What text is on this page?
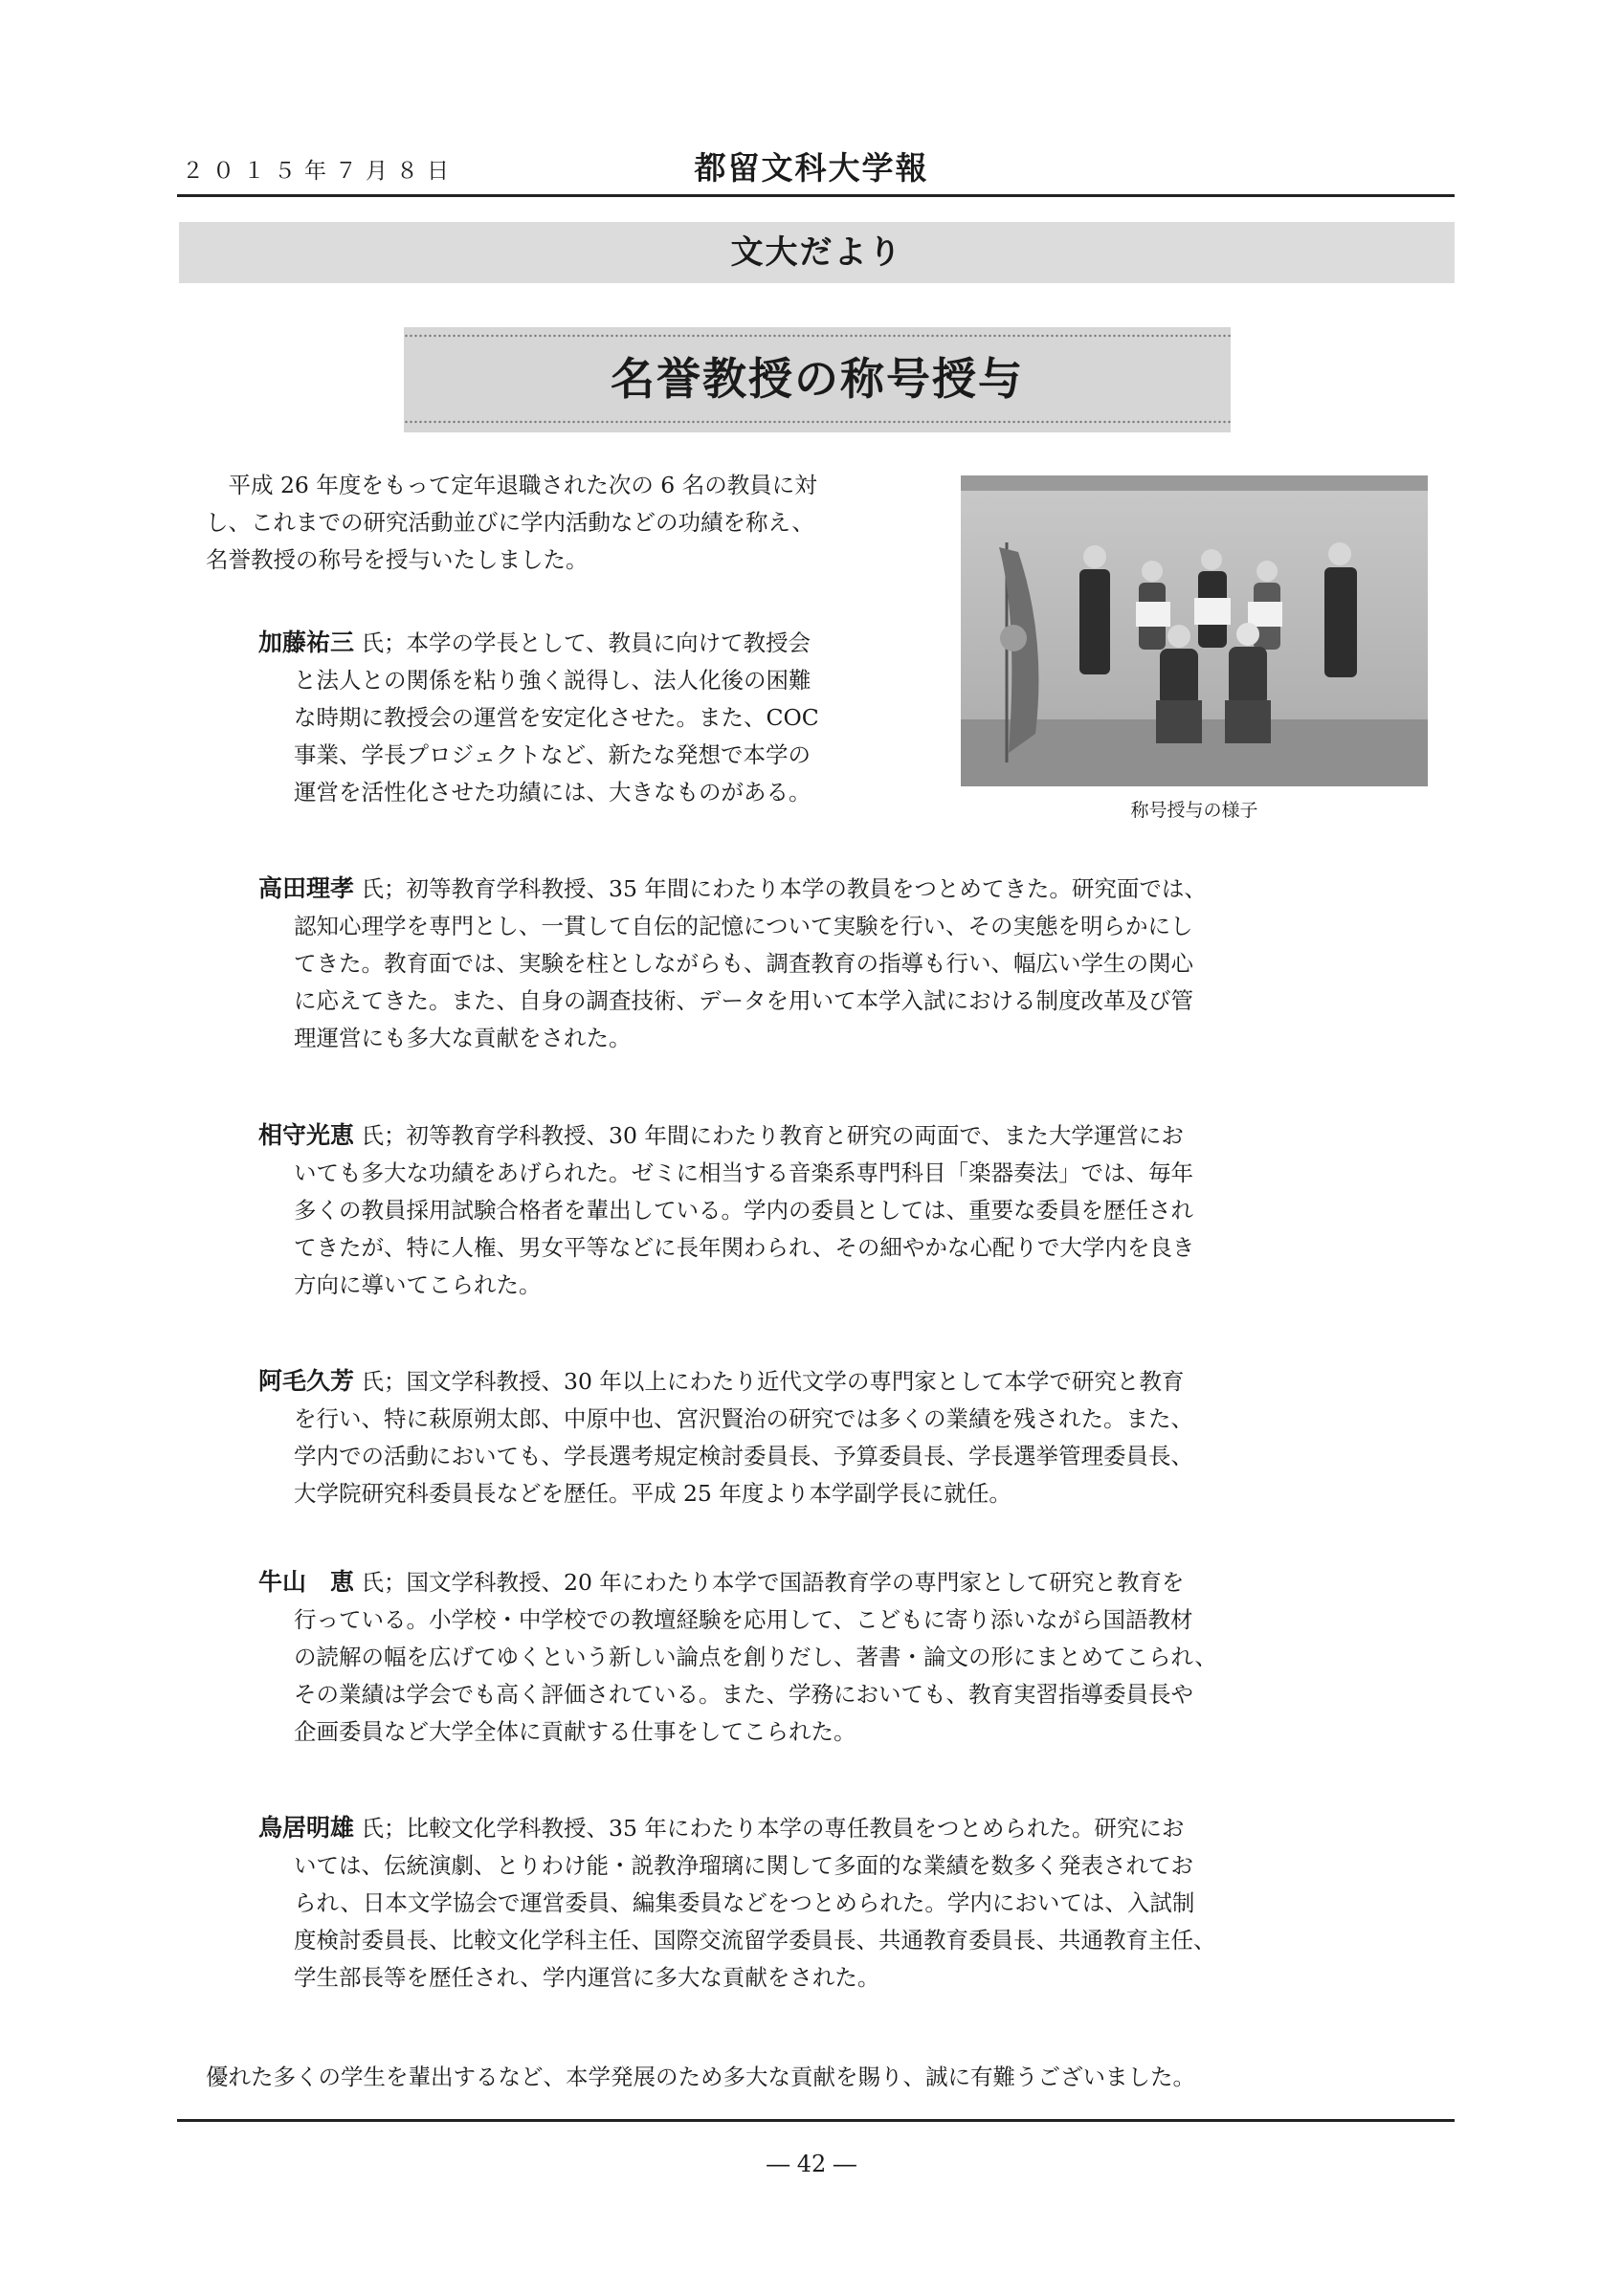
２０１５年７月８日	都留文科大学報
文大だより
名誉教授の称号授与
　平成 26 年度をもって定年退職された次の 6 名の教員に対
し、これまでの研究活動並びに学内活動などの功績を称え、
名誉教授の称号を授与いたしました。
称号授与の様子
加藤祐三 氏；本学の学長として、教員に向けて教授会
と法人との関係を粘り強く説得し、法人化後の困難
な時期に教授会の運営を安定化させた。また、COC
事業、学長プロジェクトなど、新たな発想で本学の
運営を活性化させた功績には、大きなものがある。
高田理孝 氏；初等教育学科教授、35 年間にわたり本学の教員をつとめてきた。研究面では、
認知心理学を専門とし、一貫して自伝的記憶について実験を行い、その実態を明らかにし
てきた。教育面では、実験を柱としながらも、調査教育の指導も行い、幅広い学生の関心
に応えてきた。また、自身の調査技術、データを用いて本学入試における制度改革及び管
理運営にも多大な貢献をされた。
相守光恵 氏；初等教育学科教授、30 年間にわたり教育と研究の両面で、また大学運営にお
いても多大な功績をあげられた。ゼミに相当する音楽系専門科目「楽器奏法」では、毎年
多くの教員採用試験合格者を輩出している。学内の委員としては、重要な委員を歴任され
てきたが、特に人権、男女平等などに長年関わられ、その細やかな心配りで大学内を良き
方向に導いてこられた。
阿毛久芳 氏；国文学科教授、30 年以上にわたり近代文学の専門家として本学で研究と教育
を行い、特に萩原朔太郎、中原中也、宮沢賢治の研究では多くの業績を残された。また、
学内での活動においても、学長選考規定検討委員長、予算委員長、学長選挙管理委員長、
大学院研究科委員長などを歴任。平成 25 年度より本学副学長に就任。
牛山　恵 氏；国文学科教授、20 年にわたり本学で国語教育学の専門家として研究と教育を
行っている。小学校・中学校での教壇経験を応用して、こどもに寄り添いながら国語教材
の読解の幅を広げてゆくという新しい論点を創りだし、著書・論文の形にまとめてこられ、
その業績は学会でも高く評価されている。また、学務においても、教育実習指導委員長や
企画委員など大学全体に貢献する仕事をしてこられた。
鳥居明雄 氏；比較文化学科教授、35 年にわたり本学の専任教員をつとめられた。研究にお
いては、伝統演劇、とりわけ能・説教浄瑠璃に関して多面的な業績を数多く発表されてお
られ、日本文学協会で運営委員、編集委員などをつとめられた。学内においては、入試制
度検討委員長、比較文化学科主任、国際交流留学委員長、共通教育委員長、共通教育主任、
学生部長等を歴任され、学内運営に多大な貢献をされた。
優れた多くの学生を輩出するなど、本学発展のため多大な貢献を賜り、誠に有難うございました。
― 42 ―
